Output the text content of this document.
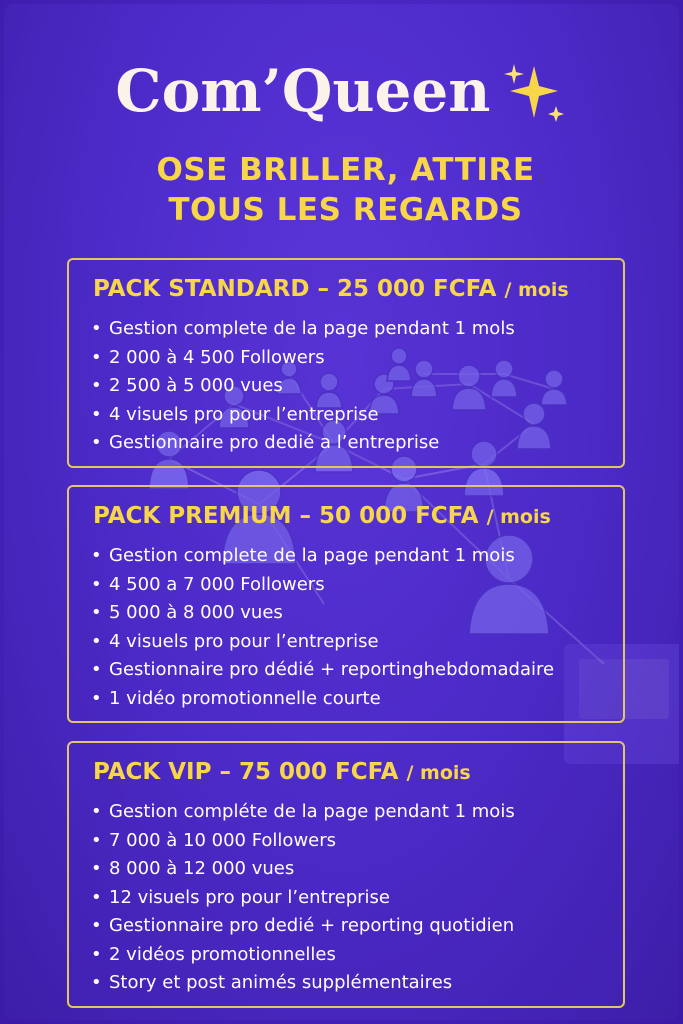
Com’Queen
OSE BRILLER, ATTIRE
TOUS LES REGARDS
PACK STANDARD – 25 000 FCFA / mois
• Gestion complete de la page pendant 1 mols
• 2 000 à 4 500 Followers
• 2 500 à 5 000 vues
• 4 visuels pro pour l’entreprise
• Gestionnaire pro dedié a l’entreprise
PACK PREMIUM – 50 000 FCFA / mois
• Gestion complete de la page pendant 1 mois
• 4 500 a 7 000 Followers
• 5 000 à 8 000 vues
• 4 visuels pro pour l’entreprise
• Gestionnaire pro dédié + reportinghebdomadaire
• 1 vidéo promotionnelle courte
PACK VIP – 75 000 FCFA / mois
• Gestion compléte de la page pendant 1 mois
• 7 000 à 10 000 Followers
• 8 000 à 12 000 vues
• 12 visuels pro pour l’entreprise
• Gestionnaire pro dedié + reporting quotidien
• 2 vidéos promotionnelles
• Story et post animés supplémentaires
